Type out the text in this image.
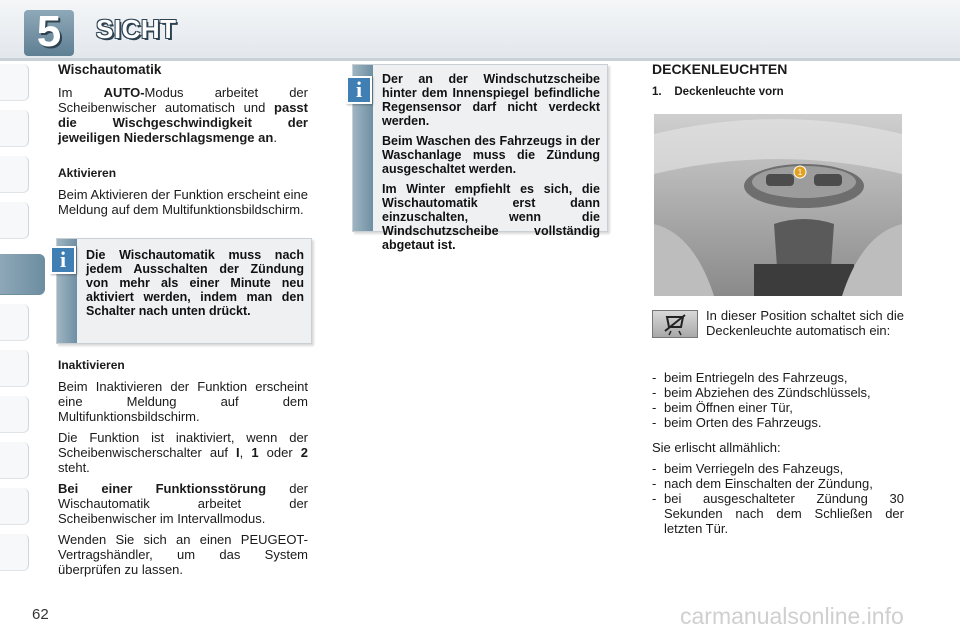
5	SICHT
Wischautomatik

Im AUTO-Modus arbeitet der Scheibenwischer automatisch und passt die Wischgeschwindigkeit der jeweiligen Niederschlagsmenge an.

Aktivieren

Beim Aktivieren der Funktion erscheint eine Meldung auf dem Multifunktionsbildschirm.

i	Die Wischautomatik muss nach jedem Ausschalten der Zündung von mehr als einer Minute neu aktiviert werden, indem man den Schalter nach unten drückt.
Inaktivieren

Beim Inaktivieren der Funktion erscheint eine Meldung auf dem Multifunktionsbildschirm.

Die Funktion ist inaktiviert, wenn der Scheibenwischerschalter auf I, 1 oder 2 steht.

Bei einer Funktionsstörung der Wischautomatik arbeitet der Scheibenwischer im Intervallmodus.

Wenden Sie sich an einen PEUGEOT-Vertragshändler, um das System überprüfen zu lassen.

i	Der an der Windschutzscheibe hinter dem Innenspiegel befindliche Regensensor darf nicht verdeckt werden.

Beim Waschen des Fahrzeugs in der Waschanlage muss die Zündung ausgeschaltet werden.

Im Winter empfiehlt es sich, die Wischautomatik erst dann einzuschalten, wenn die Windschutzscheibe vollständig abgetaut ist.

DECKENLEUCHTEN
1.    Deckenleuchte vorn
1

In dieser Position schaltet sich die Deckenleuchte automatisch ein:

- beim Entriegeln des Fahrzeugs,
- beim Abziehen des Zündschlüssels,
- beim Öffnen einer Tür,
- beim Orten des Fahrzeugs.

Sie erlischt allmählich:

- beim Verriegeln des Fahzeugs,
- nach dem Einschalten der Zündung,
- bei ausgeschalteter Zündung 30 Sekunden nach dem Schließen der letzten Tür.
62	carmanualsonline.info
